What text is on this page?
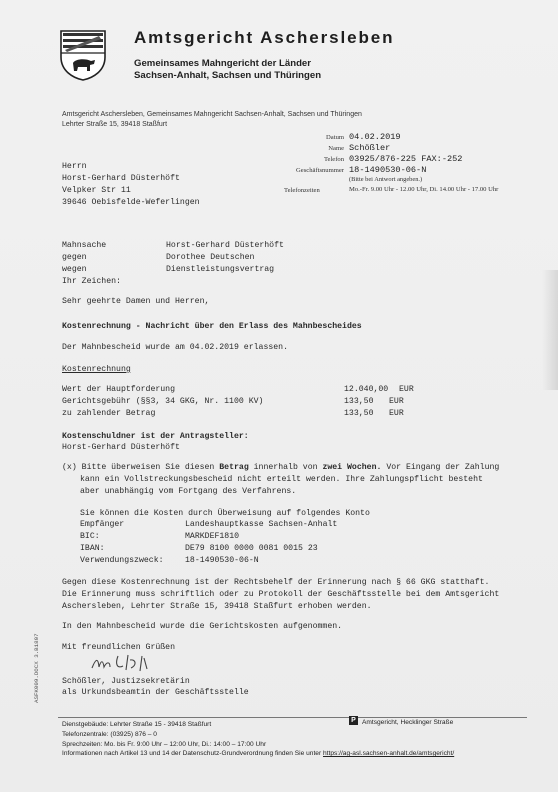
Amtsgericht Aschersleben
Gemeinsames Mahngericht der Länder
Sachsen-Anhalt, Sachsen und Thüringen
Amtsgericht Aschersleben, Gemeinsames Mahngericht Sachsen-Anhalt, Sachsen und Thüringen
Lehrter Straße 15, 39418 Staßfurt
Datum 04.02.2019
Name Schößler
Telefon 03925/876-225 FAX:-252
Geschäftsnummer 18-1490530-06-N
(Bitte bei Antwort angeben.)
Telefonzeiten	Mo.-Fr. 9.00 Uhr - 12.00 Uhr, Di. 14.00 Uhr - 17.00 Uhr
Herrn
Horst-Gerhard Düsterhöft
Velpker Str 11
39646 Oebisfelde-Weferlingen
Mahnsache	Horst-Gerhard Düsterhöft
gegen	Dorothee Deutschen
wegen	Dienstleistungsvertrag
Ihr Zeichen:
Sehr geehrte Damen und Herren,
Kostenrechnung - Nachricht über den Erlass des Mahnbescheides
Der Mahnbescheid wurde am 04.02.2019 erlassen.
Kostenrechnung
Wert der Hauptforderung	12.040,00 EUR
Gerichtsgebühr (§§3, 34 GKG, Nr. 1100 KV)	133,50 EUR
zu zahlender Betrag	133,50 EUR
Kostenschuldner ist der Antragsteller:
Horst-Gerhard Düsterhöft
(x) Bitte überweisen Sie diesen Betrag innerhalb von zwei Wochen. Vor Eingang der Zahlung
kann ein Vollstreckungsbescheid nicht erteilt werden. Ihre Zahlungspflicht besteht
aber unabhängig vom Fortgang des Verfahrens.
Sie können die Kosten durch Überweisung auf folgendes Konto
Empfänger	Landeshauptkasse Sachsen-Anhalt
BIC:	MARKDEF1810
IBAN:	DE79 8100 0000 0081 0015 23
Verwendungszweck:	18-1490530-06-N
Gegen diese Kostenrechnung ist der Rechtsbehelf der Erinnerung nach § 66 GKG statthaft.
Die Erinnerung muss schriftlich oder zu Protokoll der Geschäftsstelle bei dem Amtsgericht
Aschersleben, Lehrter Straße 15, 39418 Staßfurt erhoben werden.
In den Mahnbescheid wurde die Gerichtskosten aufgenommen.
Mit freundlichen Grüßen
Schößler, Justizsekretärin
als Urkundsbeamtin der Geschäftsstelle
ASFK009.DOCX 3.B1807
Dienstgebäude: Lehrter Straße 15 - 39418 Staßfurt
P Amtsgericht, Hecklinger Straße
Telefonzentrale: (03925) 876 – 0
Sprechzeiten: Mo. bis Fr. 9:00 Uhr – 12:00 Uhr, Di.: 14:00 – 17:00 Uhr
Informationen nach Artikel 13 und 14 der Datenschutz-Grundverordnung finden Sie unter https://ag-asl.sachsen-anhalt.de/amtsgericht/
